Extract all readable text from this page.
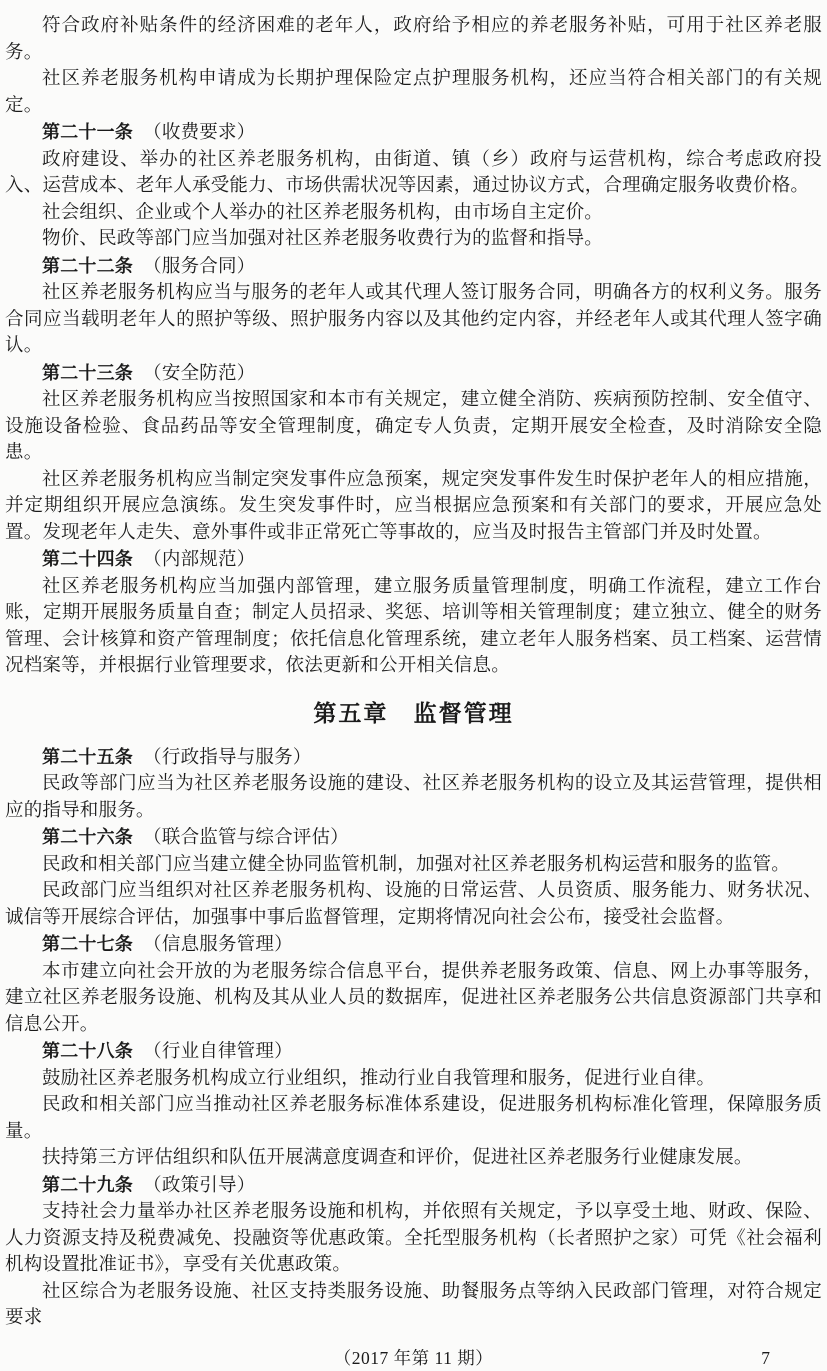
符合政府补贴条件的经济困难的老年人，政府给予相应的养老服务补贴，可用于社区养老服务。

社区养老服务机构申请成为长期护理保险定点护理服务机构，还应当符合相关部门的有关规定。

第二十一条 （收费要求）

政府建设、举办的社区养老服务机构，由街道、镇（乡）政府与运营机构，综合考虑政府投入、运营成本、老年人承受能力、市场供需状况等因素，通过协议方式，合理确定服务收费价格。

社会组织、企业或个人举办的社区养老服务机构，由市场自主定价。

物价、民政等部门应当加强对社区养老服务收费行为的监督和指导。

第二十二条 （服务合同）

社区养老服务机构应当与服务的老年人或其代理人签订服务合同，明确各方的权利义务。服务合同应当载明老年人的照护等级、照护服务内容以及其他约定内容，并经老年人或其代理人签字确认。

第二十三条 （安全防范）

社区养老服务机构应当按照国家和本市有关规定，建立健全消防、疾病预防控制、安全值守、设施设备检验、食品药品等安全管理制度，确定专人负责，定期开展安全检查，及时消除安全隐患。

社区养老服务机构应当制定突发事件应急预案，规定突发事件发生时保护老年人的相应措施，并定期组织开展应急演练。发生突发事件时，应当根据应急预案和有关部门的要求，开展应急处置。发现老年人走失、意外事件或非正常死亡等事故的，应当及时报告主管部门并及时处置。

第二十四条 （内部规范）

社区养老服务机构应当加强内部管理，建立服务质量管理制度，明确工作流程，建立工作台账，定期开展服务质量自查；制定人员招录、奖惩、培训等相关管理制度；建立独立、健全的财务管理、会计核算和资产管理制度；依托信息化管理系统，建立老年人服务档案、员工档案、运营情况档案等，并根据行业管理要求，依法更新和公开相关信息。

第五章 监督管理

第二十五条 （行政指导与服务）

民政等部门应当为社区养老服务设施的建设、社区养老服务机构的设立及其运营管理，提供相应的指导和服务。

第二十六条 （联合监管与综合评估）

民政和相关部门应当建立健全协同监管机制，加强对社区养老服务机构运营和服务的监管。

民政部门应当组织对社区养老服务机构、设施的日常运营、人员资质、服务能力、财务状况、诚信等开展综合评估，加强事中事后监督管理，定期将情况向社会公布，接受社会监督。

第二十七条 （信息服务管理）

本市建立向社会开放的为老服务综合信息平台，提供养老服务政策、信息、网上办事等服务，建立社区养老服务设施、机构及其从业人员的数据库，促进社区养老服务公共信息资源部门共享和信息公开。

第二十八条 （行业自律管理）

鼓励社区养老服务机构成立行业组织，推动行业自我管理和服务，促进行业自律。

民政和相关部门应当推动社区养老服务标准体系建设，促进服务机构标准化管理，保障服务质量。

扶持第三方评估组织和队伍开展满意度调查和评价，促进社区养老服务行业健康发展。

第二十九条 （政策引导）

支持社会力量举办社区养老服务设施和机构，并依照有关规定，予以享受土地、财政、保险、人力资源支持及税费减免、投融资等优惠政策。全托型服务机构（长者照护之家）可凭《社会福利机构设置批准证书》，享受有关优惠政策。

社区综合为老服务设施、社区支持类服务设施、助餐服务点等纳入民政部门管理，对符合规定要求

（2017 年第 11 期）	7
